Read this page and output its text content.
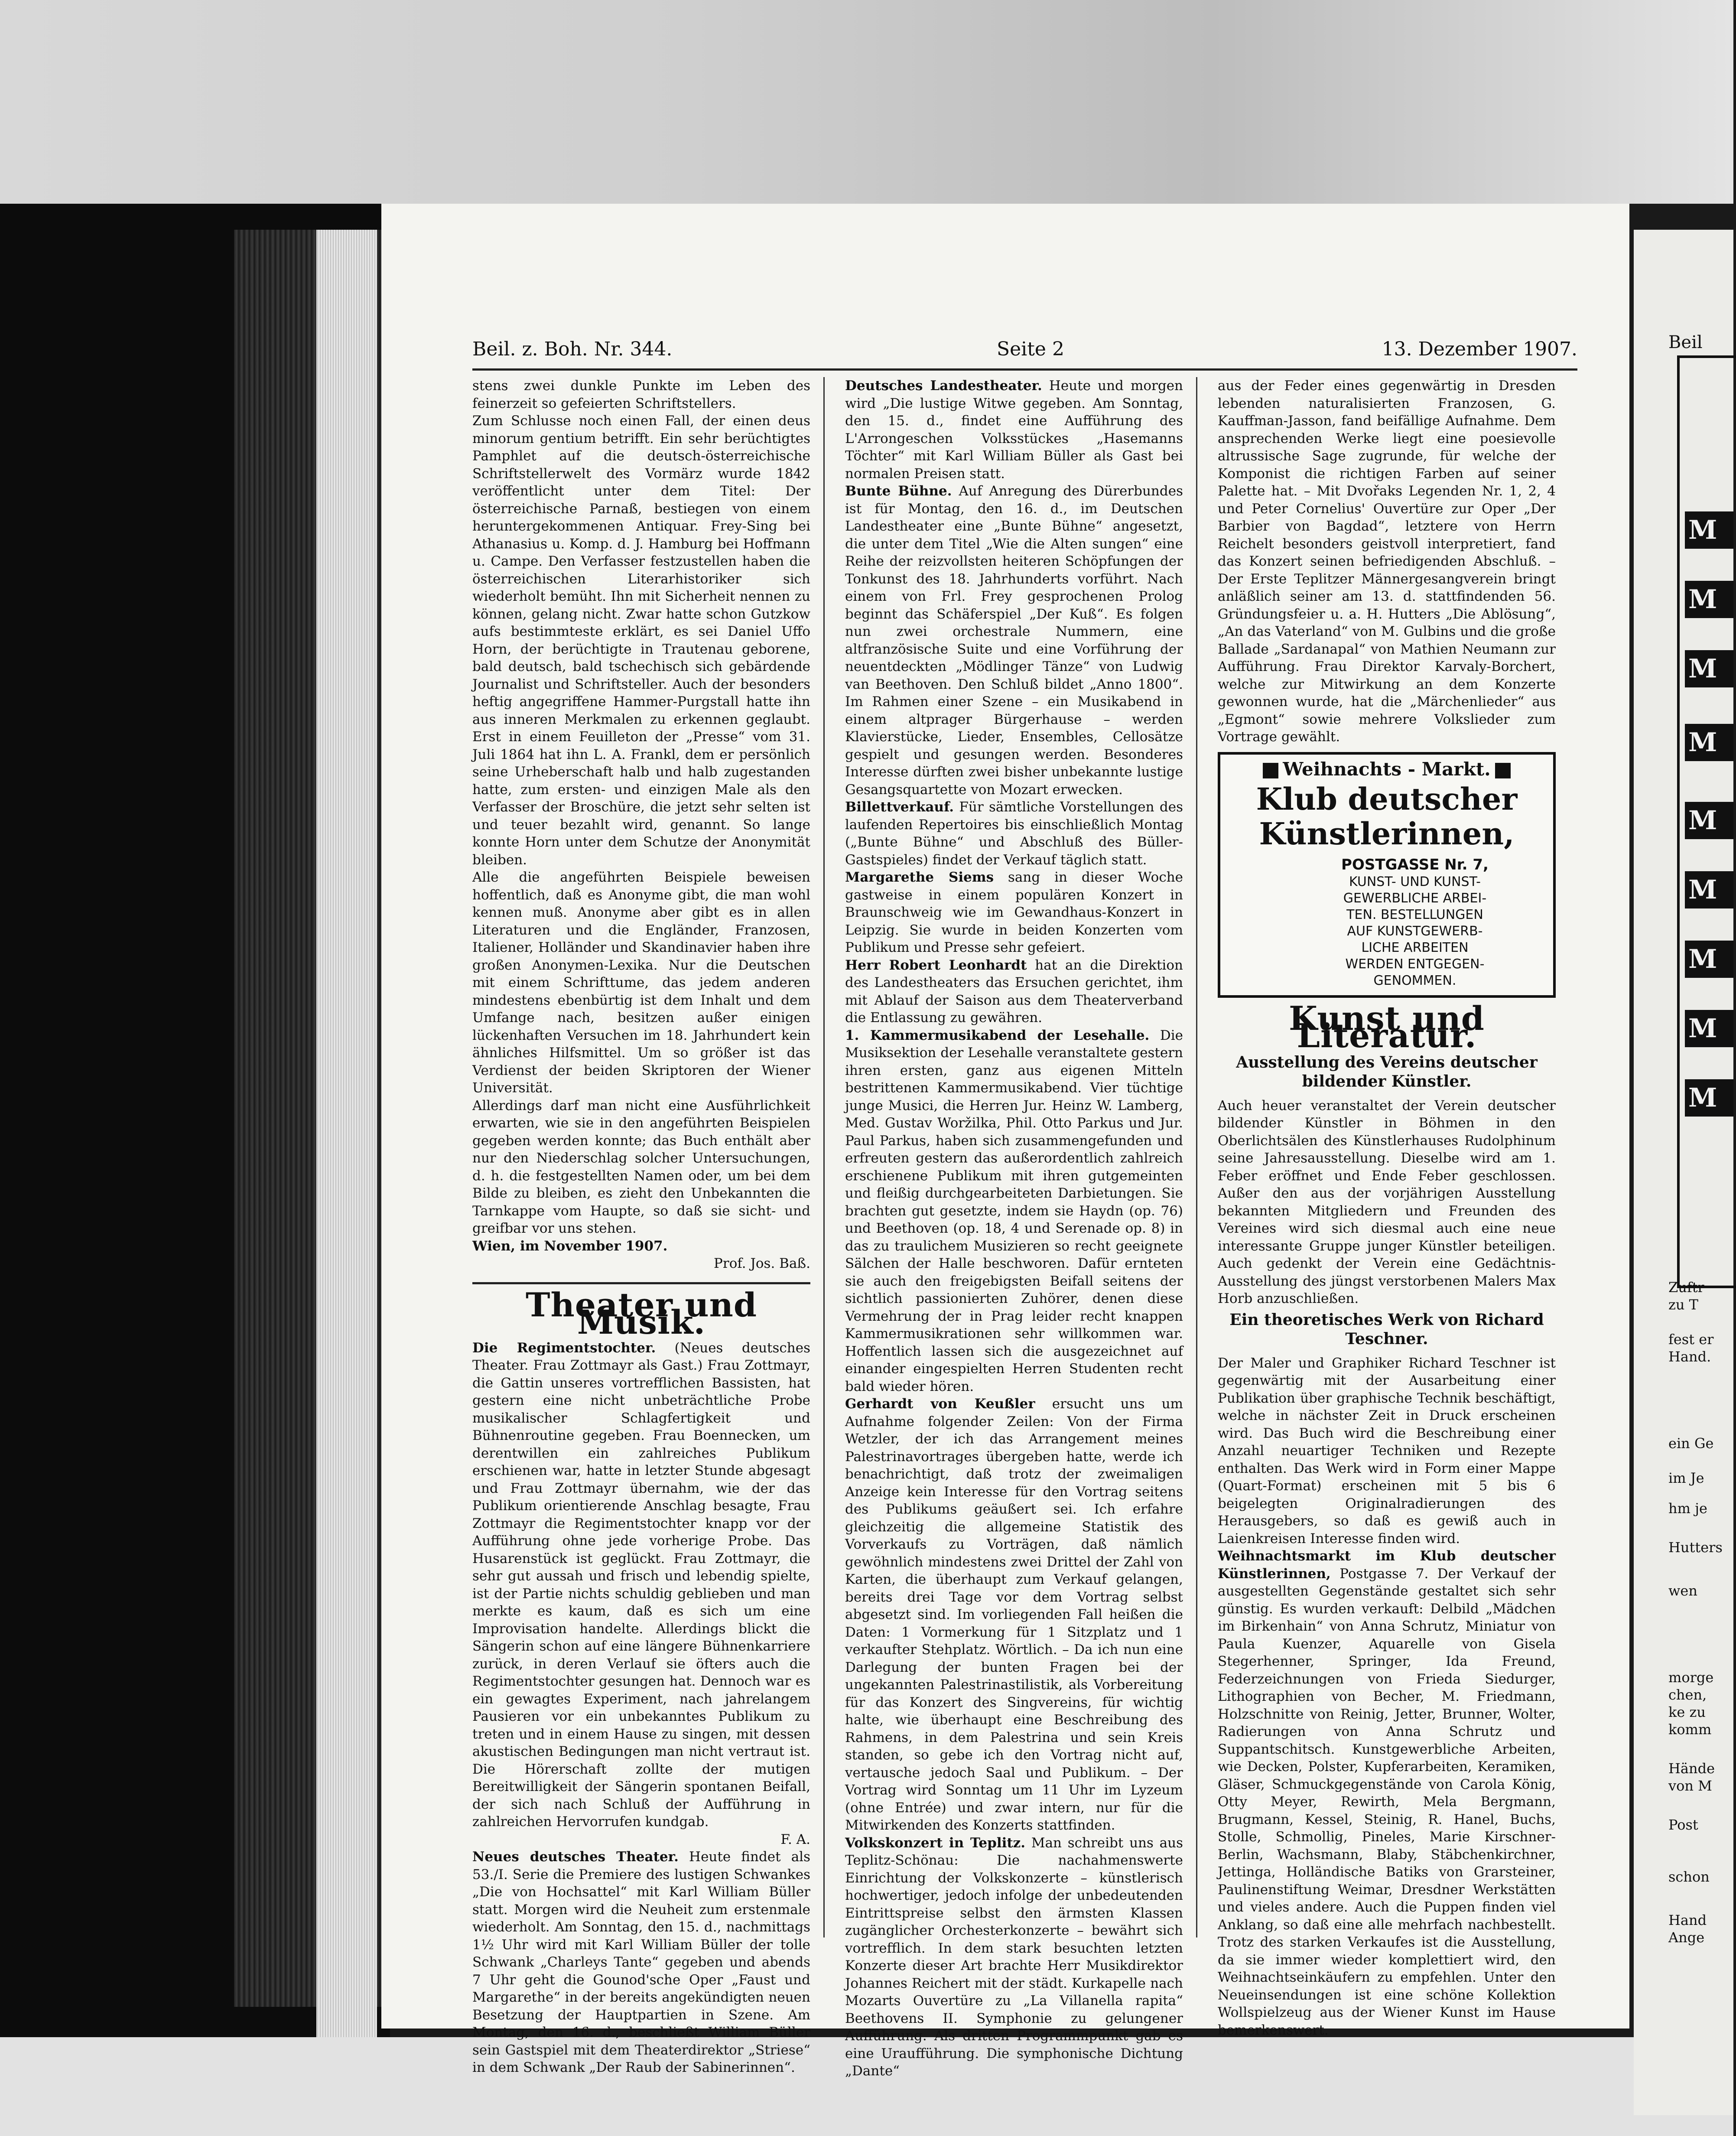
Beil. z. Boh. Nr. 344.	Seite 2	13. Dezember 1907.

stens zwei dunkle Punkte im Leben des feinerzeit so gefeierten Schriftstellers.

Zum Schlusse noch einen Fall, der einen deus minorum gentium betrifft. Ein sehr berüchtigtes Pamphlet auf die deutsch-österreichische Schriftstellerwelt des Vormärz wurde 1842 veröffentlicht unter dem Titel: Der österreichische Parnaß, bestiegen von einem heruntergekommenen Antiquar. Frey-Sing bei Athanasius u. Komp. d. J. Hamburg bei Hoffmann u. Campe. Den Verfasser festzustellen haben die österreichischen Literarhistoriker sich wiederholt bemüht. Ihn mit Sicherheit nennen zu können, gelang nicht. Zwar hatte schon Gutzkow aufs bestimmteste erklärt, es sei Daniel Uffo Horn, der berüchtigte in Trautenau geborene, bald deutsch, bald tschechisch sich gebärdende Journalist und Schriftsteller. Auch der besonders heftig angegriffene Hammer-Purgstall hatte ihn aus inneren Merkmalen zu erkennen geglaubt. Erst in einem Feuilleton der „Presse“ vom 31. Juli 1864 hat ihn L. A. Frankl, dem er persönlich seine Urheberschaft halb und halb zugestanden hatte, zum ersten- und einzigen Male als den Verfasser der Broschüre, die jetzt sehr selten ist und teuer bezahlt wird, genannt. So lange konnte Horn unter dem Schutze der Anonymität bleiben.

Alle die angeführten Beispiele beweisen hoffentlich, daß es Anonyme gibt, die man wohl kennen muß. Anonyme aber gibt es in allen Literaturen und die Engländer, Franzosen, Italiener, Holländer und Skandinavier haben ihre großen Anonymen-Lexika. Nur die Deutschen mit einem Schrifttume, das jedem anderen mindestens ebenbürtig ist dem Inhalt und dem Umfange nach, besitzen außer einigen lückenhaften Versuchen im 18. Jahrhundert kein ähnliches Hilfsmittel. Um so größer ist das Verdienst der beiden Skriptoren der Wiener Universität.

Allerdings darf man nicht eine Ausführlichkeit erwarten, wie sie in den angeführten Beispielen gegeben werden konnte; das Buch enthält aber nur den Niederschlag solcher Untersuchungen, d. h. die festgestellten Namen oder, um bei dem Bilde zu bleiben, es zieht den Unbekannten die Tarnkappe vom Haupte, so daß sie sicht- und greifbar vor uns stehen.

Wien, im November 1907.

Prof. Jos. Baß.

Theater und Musik.

Die Regimentstochter. (Neues deutsches Theater. Frau Zottmayr als Gast.) Frau Zottmayr, die Gattin unseres vortrefflichen Bassisten, hat gestern eine nicht unbeträchtliche Probe musikalischer Schlagfertigkeit und Bühnenroutine gegeben. Frau Boennecken, um derentwillen ein zahlreiches Publikum erschienen war, hatte in letzter Stunde abgesagt und Frau Zottmayr übernahm, wie der das Publikum orientierende Anschlag besagte, Frau Zottmayr die Regimentstochter knapp vor der Aufführung ohne jede vorherige Probe. Das Husarenstück ist geglückt. Frau Zottmayr, die sehr gut aussah und frisch und lebendig spielte, ist der Partie nichts schuldig geblieben und man merkte es kaum, daß es sich um eine Improvisation handelte. Allerdings blickt die Sängerin schon auf eine längere Bühnenkarriere zurück, in deren Verlauf sie öfters auch die Regimentstochter gesungen hat. Dennoch war es ein gewagtes Experiment, nach jahrelangem Pausieren vor ein unbekanntes Publikum zu treten und in einem Hause zu singen, mit dessen akustischen Bedingungen man nicht vertraut ist. Die Hörerschaft zollte der mutigen Bereitwilligkeit der Sängerin spontanen Beifall, der sich nach Schluß der Aufführung in zahlreichen Hervorrufen kundgab.

F. A.

Neues deutsches Theater. Heute findet als 53./I. Serie die Premiere des lustigen Schwankes „Die von Hochsattel“ mit Karl William Büller statt. Morgen wird die Neuheit zum erstenmale wiederholt. Am Sonntag, den 15. d., nachmittags 1½ Uhr wird mit Karl William Büller der tolle Schwank „Charleys Tante“ gegeben und abends 7 Uhr geht die Gounod'sche Oper „Faust und Margarethe“ in der bereits angekündigten neuen Besetzung der Hauptpartien in Szene. Am Montag, den 16. d., beschließt William Büller sein Gastspiel mit dem Theaterdirektor „Striese“ in dem Schwank „Der Raub der Sabinerinnen“.

Deutsches Landestheater. Heute und morgen wird „Die lustige Witwe gegeben. Am Sonntag, den 15. d., findet eine Aufführung des L'Arrongeschen Volksstückes „Hasemanns Töchter“ mit Karl William Büller als Gast bei normalen Preisen statt.

Bunte Bühne. Auf Anregung des Dürerbundes ist für Montag, den 16. d., im Deutschen Landestheater eine „Bunte Bühne“ angesetzt, die unter dem Titel „Wie die Alten sungen“ eine Reihe der reizvollsten heiteren Schöpfungen der Tonkunst des 18. Jahrhunderts vorführt. Nach einem von Frl. Frey gesprochenen Prolog beginnt das Schäferspiel „Der Kuß“. Es folgen nun zwei orchestrale Nummern, eine altfranzösische Suite und eine Vorführung der neuentdeckten „Mödlinger Tänze“ von Ludwig van Beethoven. Den Schluß bildet „Anno 1800“. Im Rahmen einer Szene – ein Musikabend in einem altprager Bürgerhause – werden Klavierstücke, Lieder, Ensembles, Cellosätze gespielt und gesungen werden. Besonderes Interesse dürften zwei bisher unbekannte lustige Gesangsquartette von Mozart erwecken.

Billettverkauf. Für sämtliche Vorstellungen des laufenden Repertoires bis einschließlich Montag („Bunte Bühne“ und Abschluß des Büller-Gastspieles) findet der Verkauf täglich statt.

Margarethe Siems sang in dieser Woche gastweise in einem populären Konzert in Braunschweig wie im Gewandhaus-Konzert in Leipzig. Sie wurde in beiden Konzerten vom Publikum und Presse sehr gefeiert.

Herr Robert Leonhardt hat an die Direktion des Landestheaters das Ersuchen gerichtet, ihm mit Ablauf der Saison aus dem Theaterverband die Entlassung zu gewähren.

1. Kammermusikabend der Lesehalle. Die Musiksektion der Lesehalle veranstaltete gestern ihren ersten, ganz aus eigenen Mitteln bestrittenen Kammermusikabend. Vier tüchtige junge Musici, die Herren Jur. Heinz W. Lamberg, Med. Gustav Woržilka, Phil. Otto Parkus und Jur. Paul Parkus, haben sich zusammengefunden und erfreuten gestern das außerordentlich zahlreich erschienene Publikum mit ihren gutgemeinten und fleißig durchgearbeiteten Darbietungen. Sie brachten gut gesetzte, indem sie Haydn (op. 76) und Beethoven (op. 18, 4 und Serenade op. 8) in das zu traulichem Musizieren so recht geeignete Sälchen der Halle beschworen. Dafür ernteten sie auch den freigebigsten Beifall seitens der sichtlich passionierten Zuhörer, denen diese Vermehrung der in Prag leider recht knappen Kammermusikrationen sehr willkommen war. Hoffentlich lassen sich die ausgezeichnet auf einander eingespielten Herren Studenten recht bald wieder hören.

Gerhardt von Keußler ersucht uns um Aufnahme folgender Zeilen: Von der Firma Wetzler, der ich das Arrangement meines Palestrinavortrages übergeben hatte, werde ich benachrichtigt, daß trotz der zweimaligen Anzeige kein Interesse für den Vortrag seitens des Publikums geäußert sei. Ich erfahre gleichzeitig die allgemeine Statistik des Vorverkaufs zu Vorträgen, daß nämlich gewöhnlich mindestens zwei Drittel der Zahl von Karten, die überhaupt zum Verkauf gelangen, bereits drei Tage vor dem Vortrag selbst abgesetzt sind. Im vorliegenden Fall heißen die Daten: 1 Vormerkung für 1 Sitzplatz und 1 verkaufter Stehplatz. Wörtlich. – Da ich nun eine Darlegung der bunten Fragen bei der ungekannten Palestrinastilistik, als Vorbereitung für das Konzert des Singvereins, für wichtig halte, wie überhaupt eine Beschreibung des Rahmens, in dem Palestrina und sein Kreis standen, so gebe ich den Vortrag nicht auf, vertausche jedoch Saal und Publikum. – Der Vortrag wird Sonntag um 11 Uhr im Lyzeum (ohne Entrée) und zwar intern, nur für die Mitwirkenden des Konzerts stattfinden.

Volkskonzert in Teplitz. Man schreibt uns aus Teplitz-Schönau: Die nachahmenswerte Einrichtung der Volkskonzerte – künstlerisch hochwertiger, jedoch infolge der unbedeutenden Eintrittspreise selbst den ärmsten Klassen zugänglicher Orchesterkonzerte – bewährt sich vortrefflich. In dem stark besuchten letzten Konzerte dieser Art brachte Herr Musikdirektor Johannes Reichert mit der städt. Kurkapelle nach Mozarts Ouvertüre zu „La Villanella rapita“ Beethovens II. Symphonie zu gelungener Aufführung. Als dritten Programmpunkt gab es eine Uraufführung. Die symphonische Dichtung „Dante“

aus der Feder eines gegenwärtig in Dresden lebenden naturalisierten Franzosen, G. Kauffman-Jasson, fand beifällige Aufnahme. Dem ansprechenden Werke liegt eine poesievolle altrussische Sage zugrunde, für welche der Komponist die richtigen Farben auf seiner Palette hat. – Mit Dvořaks Legenden Nr. 1, 2, 4 und Peter Cornelius' Ouvertüre zur Oper „Der Barbier von Bagdad“, letztere von Herrn Reichelt besonders geistvoll interpretiert, fand das Konzert seinen befriedigenden Abschluß. – Der Erste Teplitzer Männergesangverein bringt anläßlich seiner am 13. d. stattfindenden 56. Gründungsfeier u. a. H. Hutters „Die Ablösung“, „An das Vaterland“ von M. Gulbins und die große Ballade „Sardanapal“ von Mathien Neumann zur Aufführung. Frau Direktor Karvaly-Borchert, welche zur Mitwirkung an dem Konzerte gewonnen wurde, hat die „Märchenlieder“ aus „Egmont“ sowie mehrere Volkslieder zum Vortrage gewählt.

Weihnachts - Markt.
Klub deutscher Künstlerinnen,
POSTGASSE Nr. 7,
KUNST- UND KUNST-
GEWERBLICHE ARBEI-
TEN. BESTELLUNGEN
AUF KUNSTGEWERB-
LICHE ARBEITEN
WERDEN ENTGEGEN-
GENOMMEN.
Kunst und Literatur.
Ausstellung des Vereins deutscher bildender Künstler.

Auch heuer veranstaltet der Verein deutscher bildender Künstler in Böhmen in den Oberlichtsälen des Künstlerhauses Rudolphinum seine Jahresausstellung. Dieselbe wird am 1. Feber eröffnet und Ende Feber geschlossen. Außer den aus der vorjährigen Ausstellung bekannten Mitgliedern und Freunden des Vereines wird sich diesmal auch eine neue interessante Gruppe junger Künstler beteiligen. Auch gedenkt der Verein eine Gedächtnis-Ausstellung des jüngst verstorbenen Malers Max Horb anzuschließen.

Ein theoretisches Werk von Richard Teschner.

Der Maler und Graphiker Richard Teschner ist gegenwärtig mit der Ausarbeitung einer Publikation über graphische Technik beschäftigt, welche in nächster Zeit in Druck erscheinen wird. Das Buch wird die Beschreibung einer Anzahl neuartiger Techniken und Rezepte enthalten. Das Werk wird in Form einer Mappe (Quart-Format) erscheinen mit 5 bis 6 beigelegten Originalradierungen des Herausgebers, so daß es gewiß auch in Laienkreisen Interesse finden wird.

Weihnachtsmarkt im Klub deutscher Künstlerinnen, Postgasse 7. Der Verkauf der ausgestellten Gegenstände gestaltet sich sehr günstig. Es wurden verkauft: Delbild „Mädchen im Birkenhain“ von Anna Schrutz, Miniatur von Paula Kuenzer, Aquarelle von Gisela Stegerhenner, Springer, Ida Freund, Federzeichnungen von Frieda Siedurger, Lithographien von Becher, M. Friedmann, Holzschnitte von Reinig, Jetter, Brunner, Wolter, Radierungen von Anna Schrutz und Suppantschitsch. Kunstgewerbliche Arbeiten, wie Decken, Polster, Kupferarbeiten, Keramiken, Gläser, Schmuckgegenstände von Carola König, Otty Meyer, Rewirth, Mela Bergmann, Brugmann, Kessel, Steinig, R. Hanel, Buchs, Stolle, Schmollig, Pineles, Marie Kirschner-Berlin, Wachsmann, Blaby, Stäbchenkirchner, Jettinga, Holländische Batiks von Grarsteiner, Paulinenstiftung Weimar, Dresdner Werkstätten und vieles andere. Auch die Puppen finden viel Anklang, so daß eine alle mehrfach nachbestellt. Trotz des starken Verkaufes ist die Ausstellung, da sie immer wieder komplettiert wird, den Weihnachtseinkäufern zu empfehlen. Unter den Neueinsendungen ist eine schöne Kollektion Wollspielzeug aus der Wiener Kunst im Hause bemerkenswert.

Beil
M
M
M
M
M
M
M
M
M
Zuftr
zu T
fest er
Hand.
ein Ge
im Je
hm je
Hutters
wen
morge
chen,
ke zu
komm
Hände
von M
Post
schon
Hand
Ange
